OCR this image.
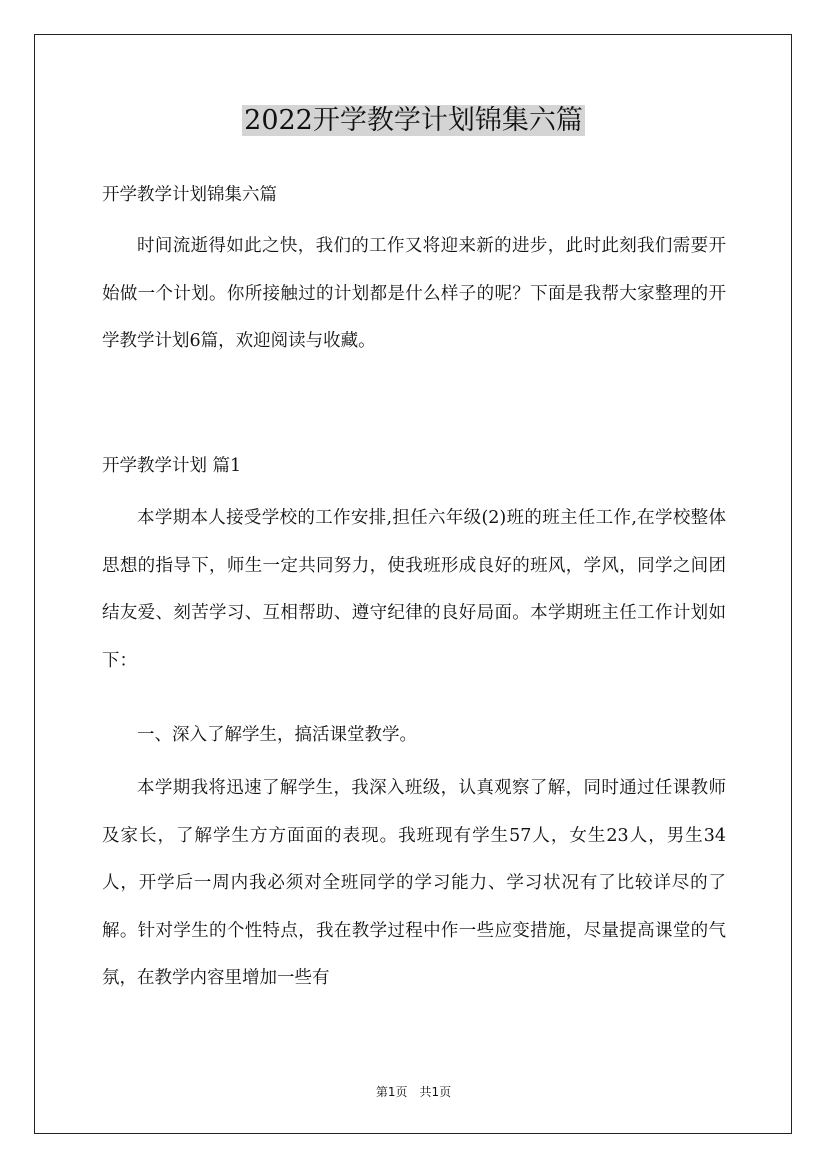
2022开学教学计划锦集六篇

开学教学计划锦集六篇

时间流逝得如此之快，我们的工作又将迎来新的进步，此时此刻我们需要开始做一个计划。你所接触过的计划都是什么样子的呢？下面是我帮大家整理的开学教学计划6篇，欢迎阅读与收藏。

开学教学计划 篇1

本学期本人接受学校的工作安排,担任六年级(2)班的班主任工作,在学校整体思想的指导下，师生一定共同努力，使我班形成良好的班风，学风，同学之间团结友爱、刻苦学习、互相帮助、遵守纪律的良好局面。本学期班主任工作计划如下：

一、深入了解学生，搞活课堂教学。

本学期我将迅速了解学生，我深入班级，认真观察了解，同时通过任课教师及家长，了解学生方方面面的表现。我班现有学生57人，女生23人，男生34 人，开学后一周内我必须对全班同学的学习能力、学习状况有了比较详尽的了解。针对学生的个性特点，我在教学过程中作一些应变措施，尽量提高课堂的气氛，在教学内容里增加一些有

第1页　共1页
